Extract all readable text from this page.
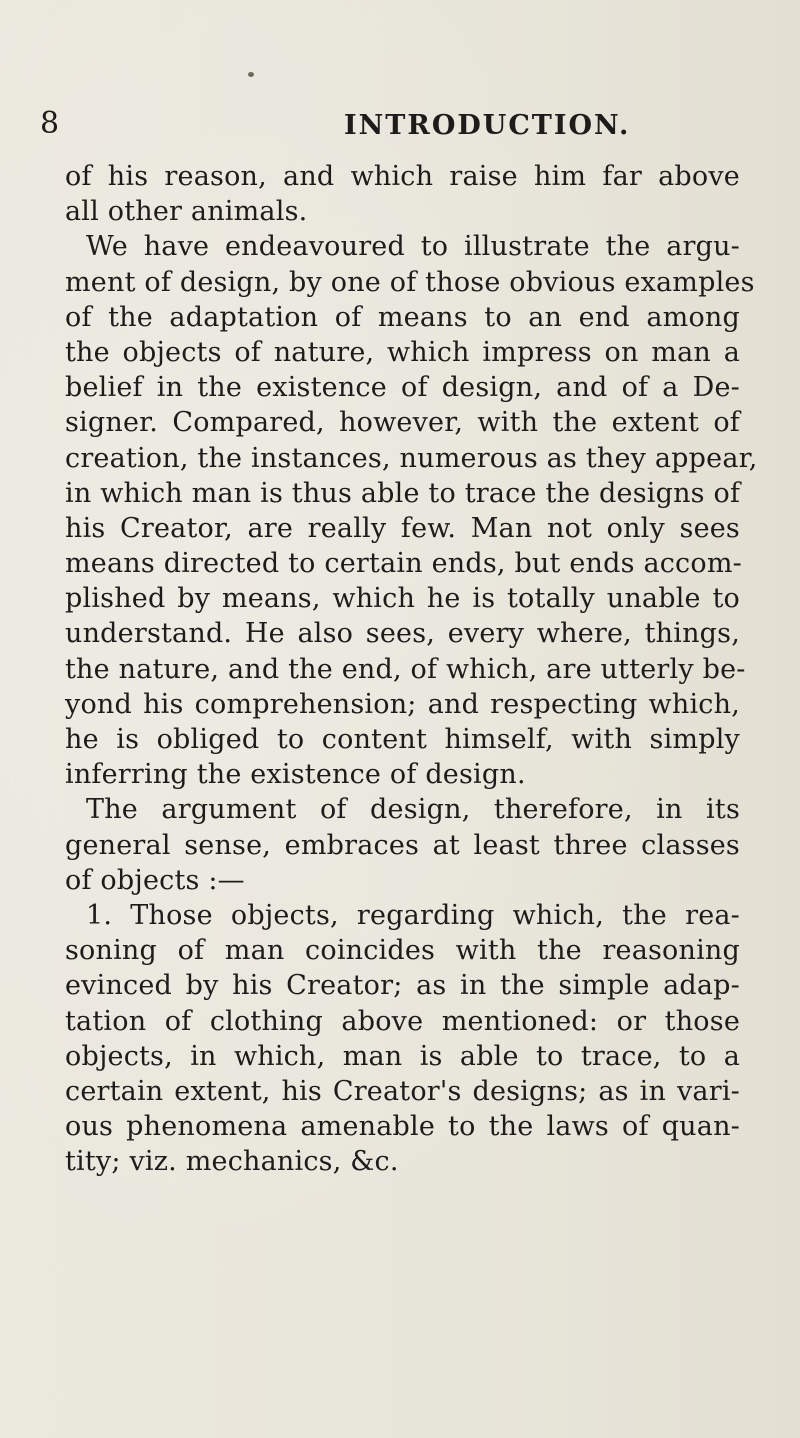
8	INTRODUCTION.
of his reason, and which raise him far above
all other animals.
We have endeavoured to illustrate the argu-
ment of design, by one of those obvious examples
of the adaptation of means to an end among
the objects of nature, which impress on man a
belief in the existence of design, and of a De-
signer. Compared, however, with the extent of
creation, the instances, numerous as they appear,
in which man is thus able to trace the designs of
his Creator, are really few. Man not only sees
means directed to certain ends, but ends accom-
plished by means, which he is totally unable to
understand. He also sees, every where, things,
the nature, and the end, of which, are utterly be-
yond his comprehension; and respecting which,
he is obliged to content himself, with simply
inferring the existence of design.
The argument of design, therefore, in its
general sense, embraces at least three classes
of objects :—
1. Those objects, regarding which, the rea-
soning of man coincides with the reasoning
evinced by his Creator; as in the simple adap-
tation of clothing above mentioned: or those
objects, in which, man is able to trace, to a
certain extent, his Creator's designs; as in vari-
ous phenomena amenable to the laws of quan-
tity; viz. mechanics, &c.
